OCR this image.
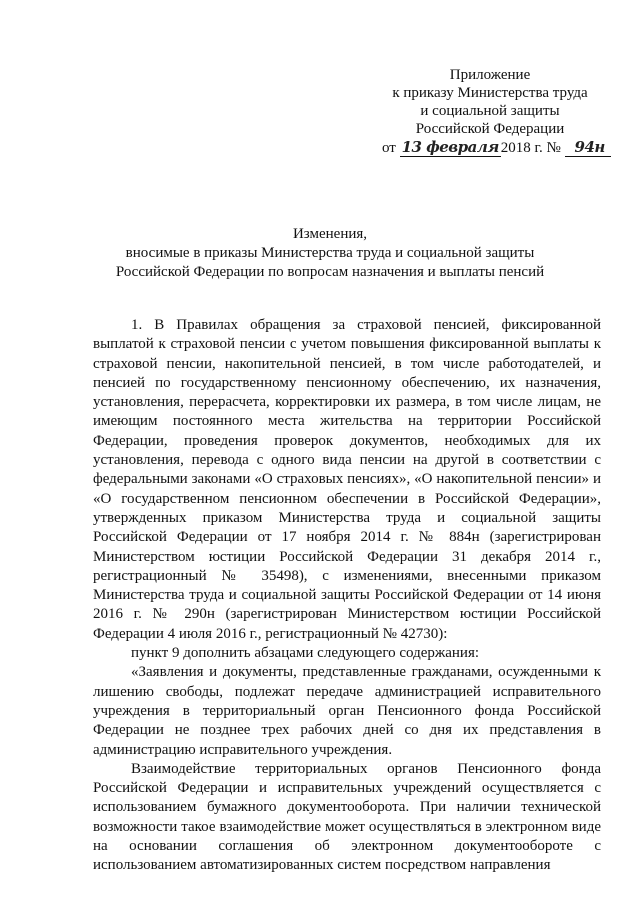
Приложение
к приказу Министерства труда
и социальной защиты
Российской Федерации
от 13 февраля 2018 г. № 94н
Изменения,
вносимые в приказы Министерства труда и социальной защиты
Российской Федерации по вопросам назначения и выплаты пенсий

1. В Правилах обращения за страховой пенсией, фиксированной выплатой к страховой пенсии с учетом повышения фиксированной выплаты к страховой пенсии, накопительной пенсией, в том числе работодателей, и пенсией по государственному пенсионному обеспечению, их назначения, установления, перерасчета, корректировки их размера, в том числе лицам, не имеющим постоянного места жительства на территории Российской Федерации, проведения проверок документов, необходимых для их установления, перевода с одного вида пенсии на другой в соответствии с федеральными законами «О страховых пенсиях», «О накопительной пенсии» и «О государственном пенсионном обеспечении в Российской Федерации», утвержденных приказом Министерства труда и социальной защиты Российской Федерации от 17 ноября 2014 г. № 884н (зарегистрирован Министерством юстиции Российской Федерации 31 декабря 2014 г., регистрационный № 35498), с изменениями, внесенными приказом Министерства труда и социальной защиты Российской Федерации от 14 июня 2016 г. № 290н (зарегистрирован Министерством юстиции Российской Федерации 4 июля 2016 г., регистрационный № 42730):

пункт 9 дополнить абзацами следующего содержания:

«Заявления и документы, представленные гражданами, осужденными к лишению свободы, подлежат передаче администрацией исправительного учреждения в территориальный орган Пенсионного фонда Российской Федерации не позднее трех рабочих дней со дня их представления в администрацию исправительного учреждения.

Взаимодействие территориальных органов Пенсионного фонда Российской Федерации и исправительных учреждений осуществляется с использованием бумажного документооборота. При наличии технической возможности такое взаимодействие может осуществляться в электронном виде на основании соглашения об электронном документообороте с использованием автоматизированных систем посредством направления
